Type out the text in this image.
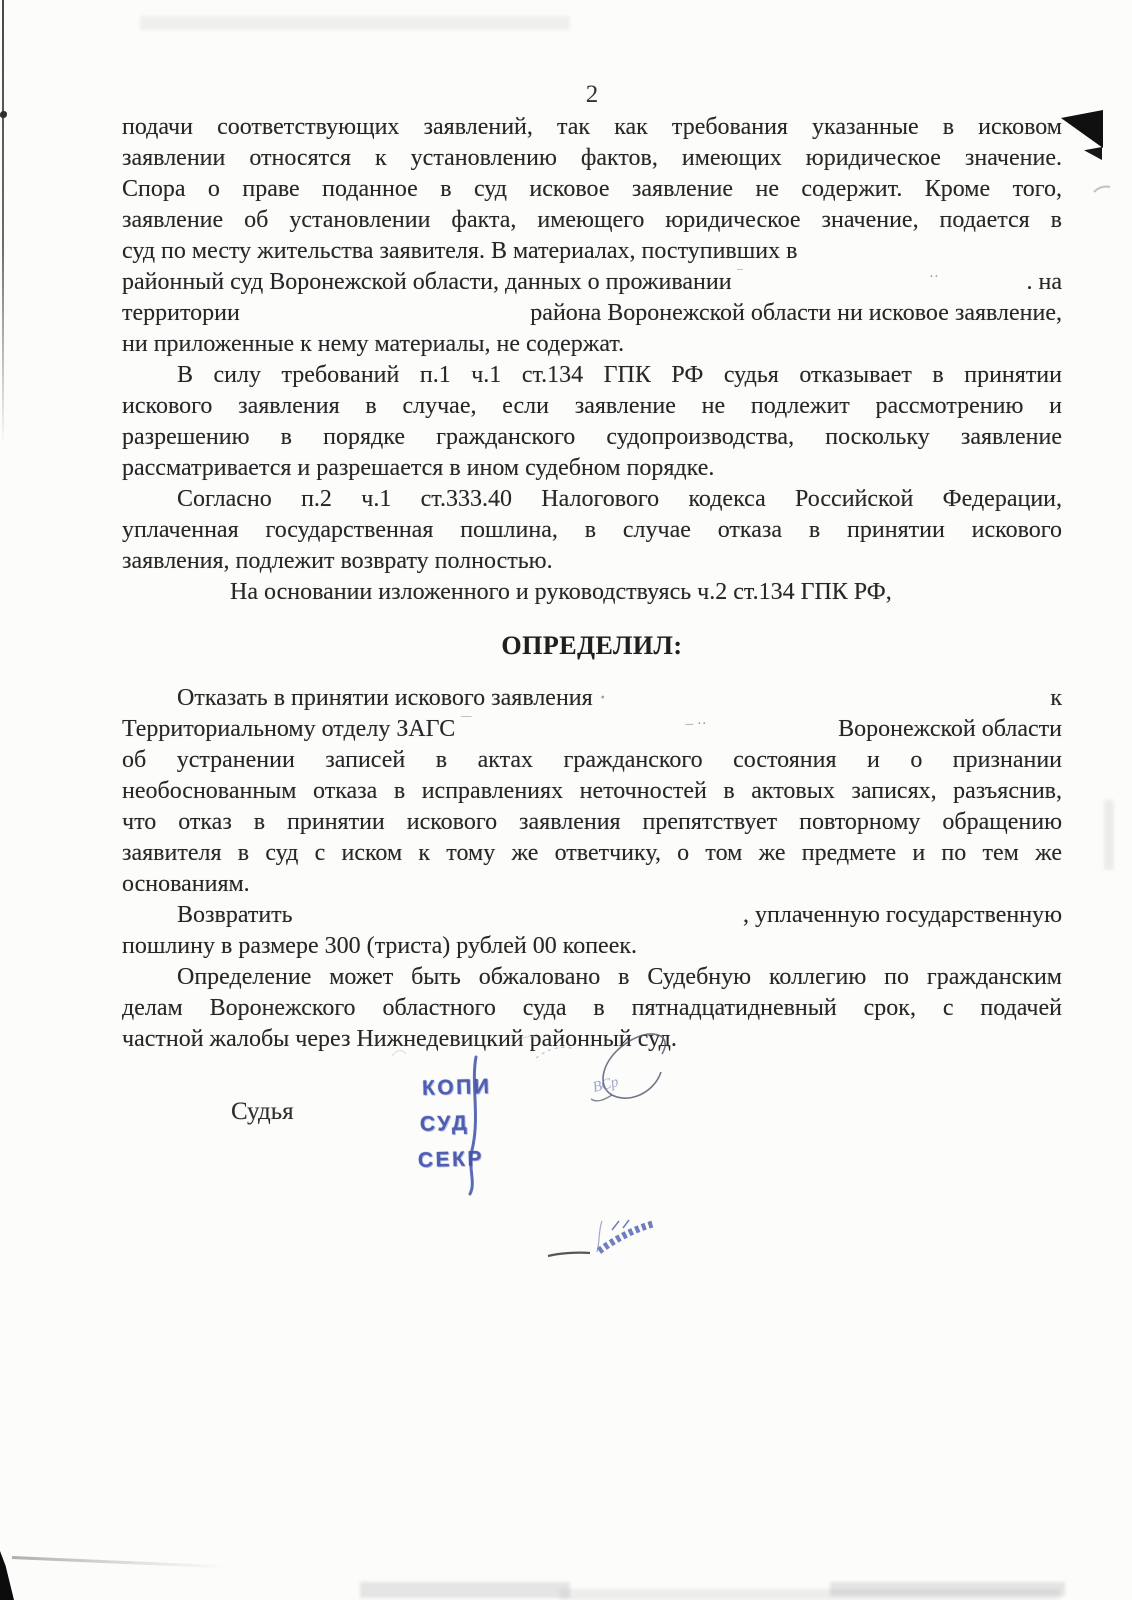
2
подачи соответствующих заявлений, так как требования указанные в исковом
заявлении относятся к установлению фактов, имеющих юридическое значение.
Спора о праве поданное в суд исковое заявление не содержит. Кроме того,
заявление об установлении факта, имеющего юридическое значение, подается в
суд по месту жительства заявителя. В материалах, поступивших в
районный суд Воронежской области, данных о проживании ‾	··	. на
территории	района Воронежской области ни исковое заявление,
ни приложенные к нему материалы, не содержат.
В силу требований п.1 ч.1 ст.134 ГПК РФ судья отказывает в принятии
искового заявления в случае, если заявление не подлежит рассмотрению и
разрешению в порядке гражданского судопроизводства, поскольку заявление
рассматривается и разрешается в ином судебном порядке.
Согласно п.2 ч.1 ст.333.40 Налогового кодекса Российской Федерации,
уплаченная государственная пошлина, в случае отказа в принятии искового
заявления, подлежит возврату полностью.
На основании изложенного и руководствуясь ч.2 ст.134 ГПК РФ,
ОПРЕДЕЛИЛ:
Отказать в принятии искового заявления ·	к
Территориальному отделу ЗАГС ‾‾	– ··	Воронежской области
об устранении записей в актах гражданского состояния и о признании
необоснованным отказа в исправлениях неточностей в актовых записях, разъяснив,
что отказ в принятии искового заявления препятствует повторному обращению
заявителя в суд с иском к тому же ответчику, о том же предмете и по тем же
основаниям.
Возвратить	, уплаченную государственную
пошлину в размере 300 (триста) рублей 00 копеек.
Определение может быть обжаловано в Судебную коллегию по гражданским
делам Воронежского областного суда в пятнадцатидневный срок, с подачей
частной жалобы через Нижнедевицкий районный суд.
Судья
КОПИ
СУД
СЕКР
ВСр
